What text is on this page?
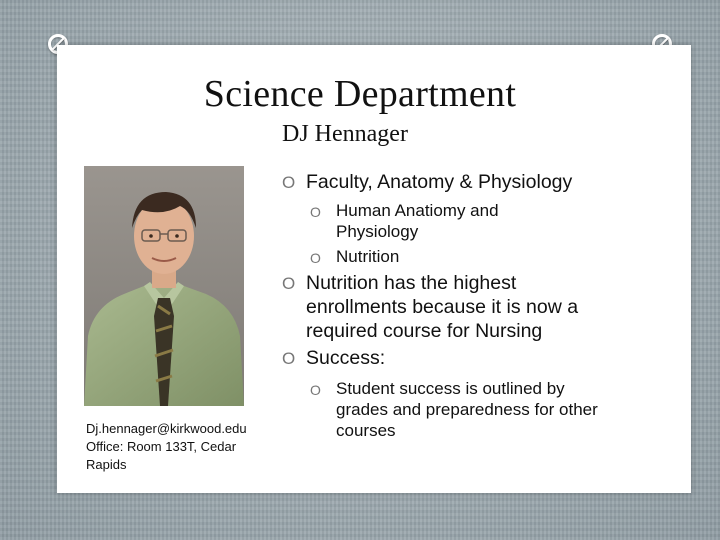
Science Department
DJ Hennager
Dj.hennager@kirkwood.edu
Office: Room 133T, Cedar
Rapids
O Faculty, Anatomy & Physiology
O Human Anatiomy and Physiology
O Nutrition
O Nutrition has the highest enrollments because it is now a required course for Nursing
O Success:
O Student success is outlined by grades and preparedness for other courses
